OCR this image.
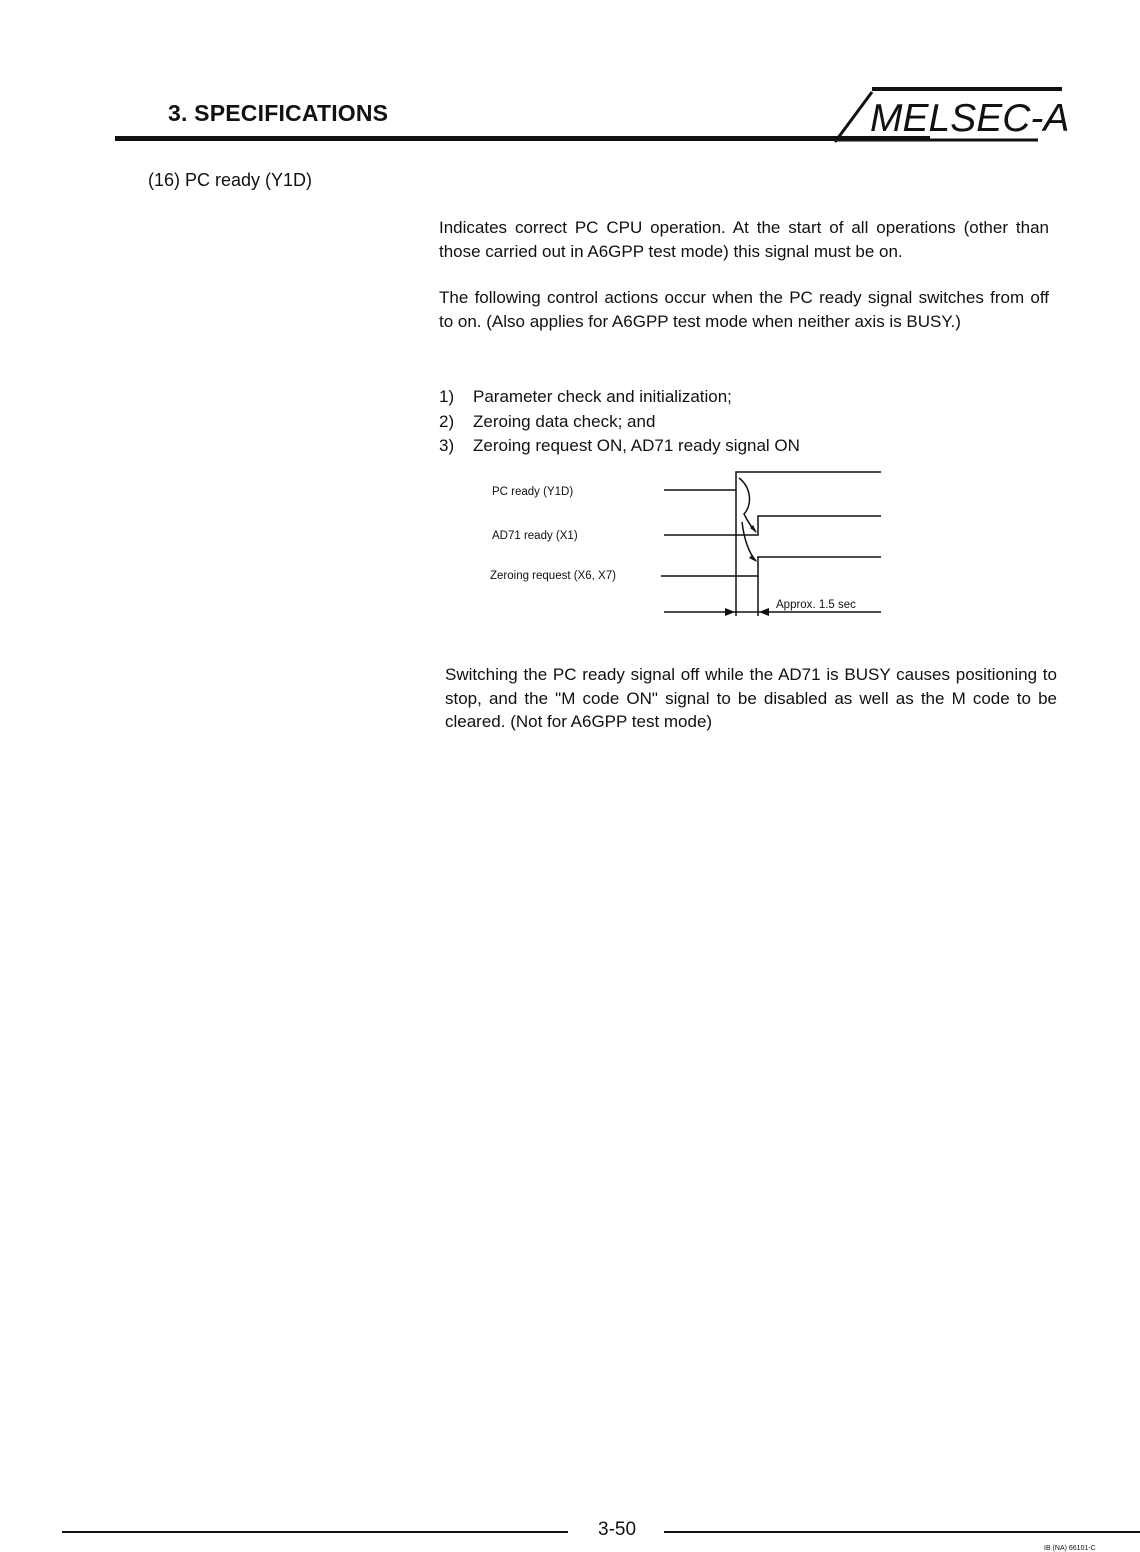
3. SPECIFICATIONS	MELSEC-A
(16) PC ready (Y1D)

Indicates correct PC CPU operation. At the start of all operations (other than those carried out in A6GPP test mode) this signal must be on.

The following control actions occur when the PC ready signal switches from off to on. (Also applies for A6GPP test mode when neither axis is BUSY.)

1)	Parameter check and initialization;
2)	Zeroing data check; and
3)	Zeroing request ON, AD71 ready signal ON
PC ready (Y1D)
AD71 ready (X1)
Zeroing request (X6, X7)
Approx. 1.5 sec

Switching the PC ready signal off while the AD71 is BUSY causes positioning to stop, and the "M code ON" signal to be disabled as well as the M code to be cleared. (Not for A6GPP test mode)

3-50
IB (NA) 66101-C
